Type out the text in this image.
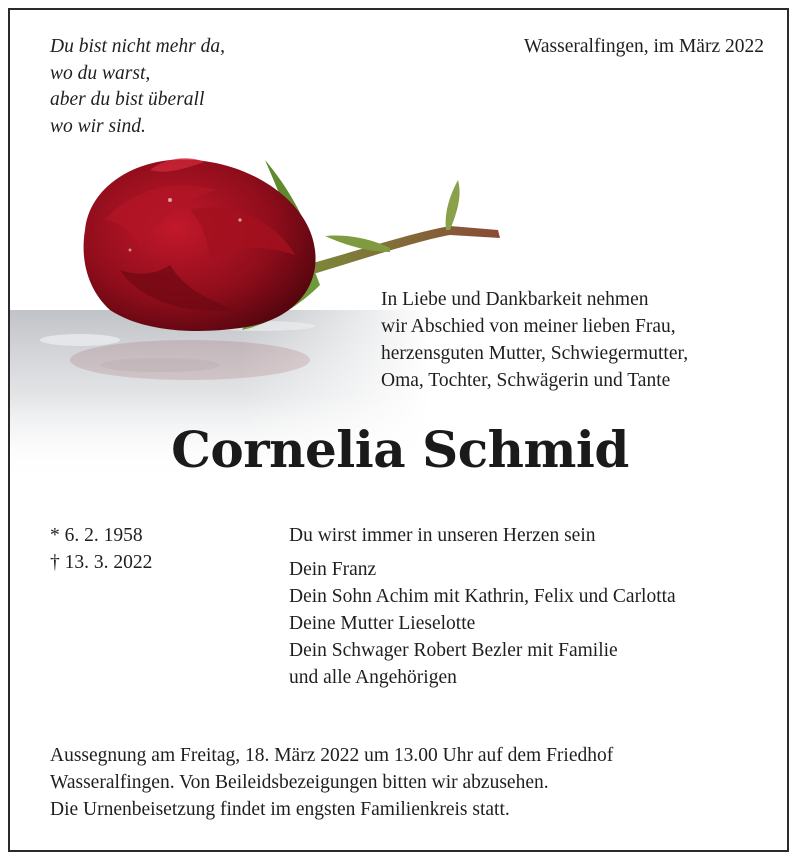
Du bist nicht mehr da,
wo du warst,
aber du bist überall
wo wir sind.
Wasseralfingen, im März 2022
In Liebe und Dankbarkeit nehmen
wir Abschied von meiner lieben Frau,
herzensguten Mutter, Schwiegermutter,
Oma, Tochter, Schwägerin und Tante
Cornelia Schmid
* 6. 2. 1958
† 13. 3. 2022
Du wirst immer in unseren Herzen sein
Dein Franz
Dein Sohn Achim mit Kathrin, Felix und Carlotta
Deine Mutter Lieselotte
Dein Schwager Robert Bezler mit Familie
und alle Angehörigen
Aussegnung am Freitag, 18. März 2022 um 13.00 Uhr auf dem Friedhof
Wasseralfingen. Von Beileidsbezeigungen bitten wir abzusehen.
Die Urnenbeisetzung findet im engsten Familienkreis statt.
